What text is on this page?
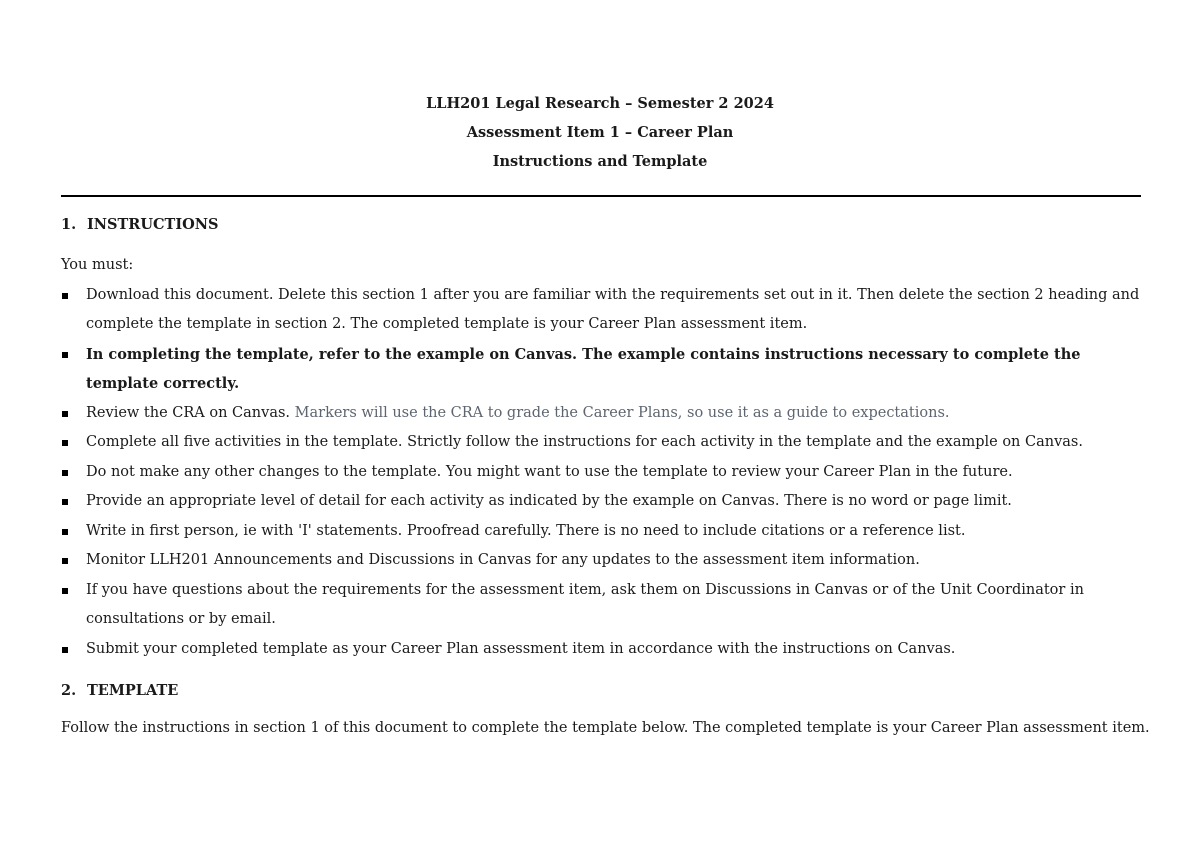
LLH201 Legal Research – Semester 2 2024
Assessment Item 1 – Career Plan
Instructions and Template
1. INSTRUCTIONS

You must:

Download this document. Delete this section 1 after you are familiar with the requirements set out in it. Then delete the section 2 heading and complete the template in section 2. The completed template is your Career Plan assessment item.
In completing the template, refer to the example on Canvas. The example contains instructions necessary to complete the template correctly.
Review the CRA on Canvas. Markers will use the CRA to grade the Career Plans, so use it as a guide to expectations.
Complete all five activities in the template. Strictly follow the instructions for each activity in the template and the example on Canvas.
Do not make any other changes to the template. You might want to use the template to review your Career Plan in the future.
Provide an appropriate level of detail for each activity as indicated by the example on Canvas. There is no word or page limit.
Write in first person, ie with 'I' statements. Proofread carefully. There is no need to include citations or a reference list.
Monitor LLH201 Announcements and Discussions in Canvas for any updates to the assessment item information.
If you have questions about the requirements for the assessment item, ask them on Discussions in Canvas or of the Unit Coordinator in consultations or by email.
Submit your completed template as your Career Plan assessment item in accordance with the instructions on Canvas.
2. TEMPLATE

Follow the instructions in section 1 of this document to complete the template below. The completed template is your Career Plan assessment item.
